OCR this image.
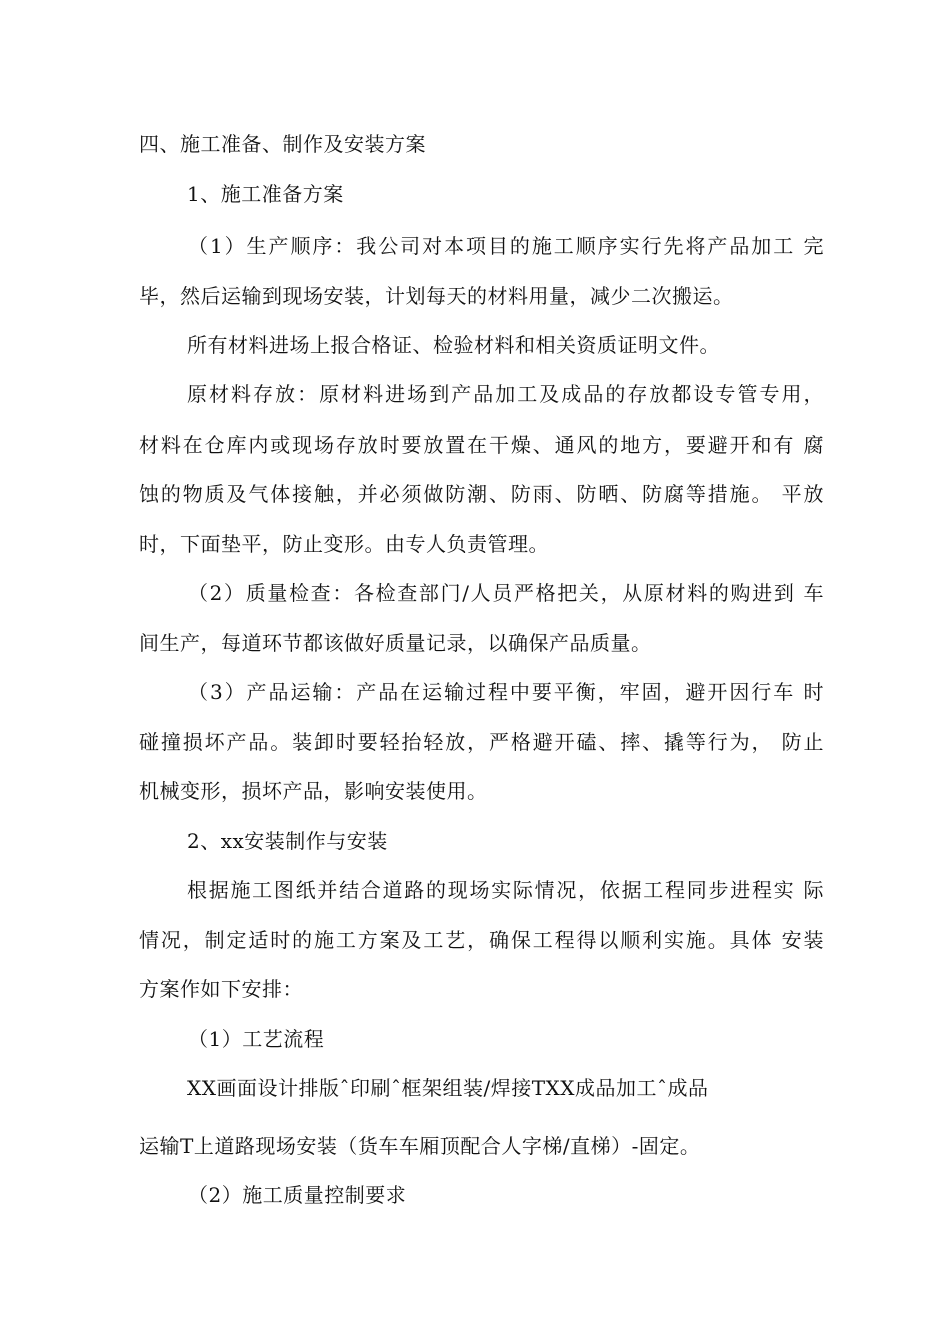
四、施工准备、制作及安装方案
1、施工准备方案
（1）生产顺序：我公司对本项目的施工顺序实行先将产品加工 完
毕，然后运输到现场安装，计划每天的材料用量，减少二次搬运。
所有材料进场上报合格证、检验材料和相关资质证明文件。
原材料存放：原材料进场到产品加工及成品的存放都设专管专用，
材料在仓库内或现场存放时要放置在干燥、通风的地方，要避开和有 腐
蚀的物质及气体接触，并必须做防潮、防雨、防晒、防腐等措施。 平放
时，下面垫平，防止变形。由专人负责管理。
（2）质量检查：各检查部门/人员严格把关，从原材料的购进到 车
间生产，每道环节都该做好质量记录，以确保产品质量。
（3）产品运输：产品在运输过程中要平衡，牢固，避开因行车 时
碰撞损坏产品。装卸时要轻抬轻放，严格避开磕、摔、撬等行为， 防止
机械变形，损坏产品，影响安装使用。
2、xx安装制作与安装
根据施工图纸并结合道路的现场实际情况，依据工程同步进程实 际
情况，制定适时的施工方案及工艺，确保工程得以顺利实施。具体 安装
方案作如下安排：
（1）工艺流程
XX画面设计排版ˆ印刷ˆ框架组装/焊接TXX成品加工ˆ成品
运输T上道路现场安装（货车车厢顶配合人字梯/直梯）-固定。
（2）施工质量控制要求
